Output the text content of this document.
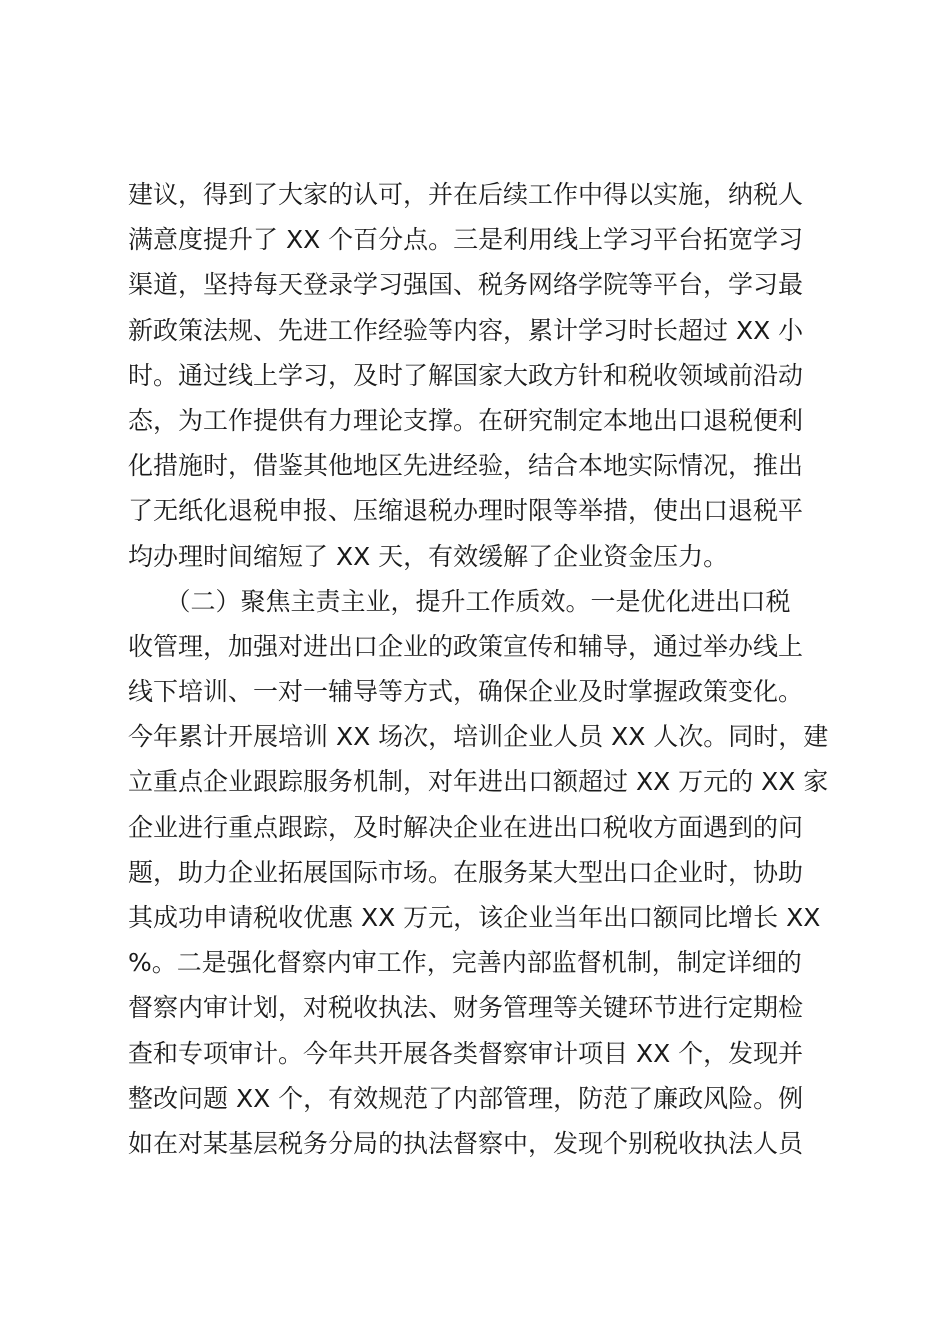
建议，得到了大家的认可，并在后续工作中得以实施，纳税人
满意度提升了 XX 个百分点。三是利用线上学习平台拓宽学习
渠道，坚持每天登录学习强国、税务网络学院等平台，学习最
新政策法规、先进工作经验等内容，累计学习时长超过 XX 小
时。通过线上学习，及时了解国家大政方针和税收领域前沿动
态，为工作提供有力理论支撑。在研究制定本地出口退税便利
化措施时，借鉴其他地区先进经验，结合本地实际情况，推出
了无纸化退税申报、压缩退税办理时限等举措，使出口退税平
均办理时间缩短了 XX 天，有效缓解了企业资金压力。
　　（二）聚焦主责主业，提升工作质效。一是优化进出口税
收管理，加强对进出口企业的政策宣传和辅导，通过举办线上
线下培训、一对一辅导等方式，确保企业及时掌握政策变化。
今年累计开展培训 XX 场次，培训企业人员 XX 人次。同时，建
立重点企业跟踪服务机制，对年进出口额超过 XX 万元的 XX 家
企业进行重点跟踪，及时解决企业在进出口税收方面遇到的问
题，助力企业拓展国际市场。在服务某大型出口企业时，协助
其成功申请税收优惠 XX 万元，该企业当年出口额同比增长 XX
%。二是强化督察内审工作，完善内部监督机制，制定详细的
督察内审计划，对税收执法、财务管理等关键环节进行定期检
查和专项审计。今年共开展各类督察审计项目 XX 个，发现并
整改问题 XX 个，有效规范了内部管理，防范了廉政风险。例
如在对某基层税务分局的执法督察中，发现个别税收执法人员
